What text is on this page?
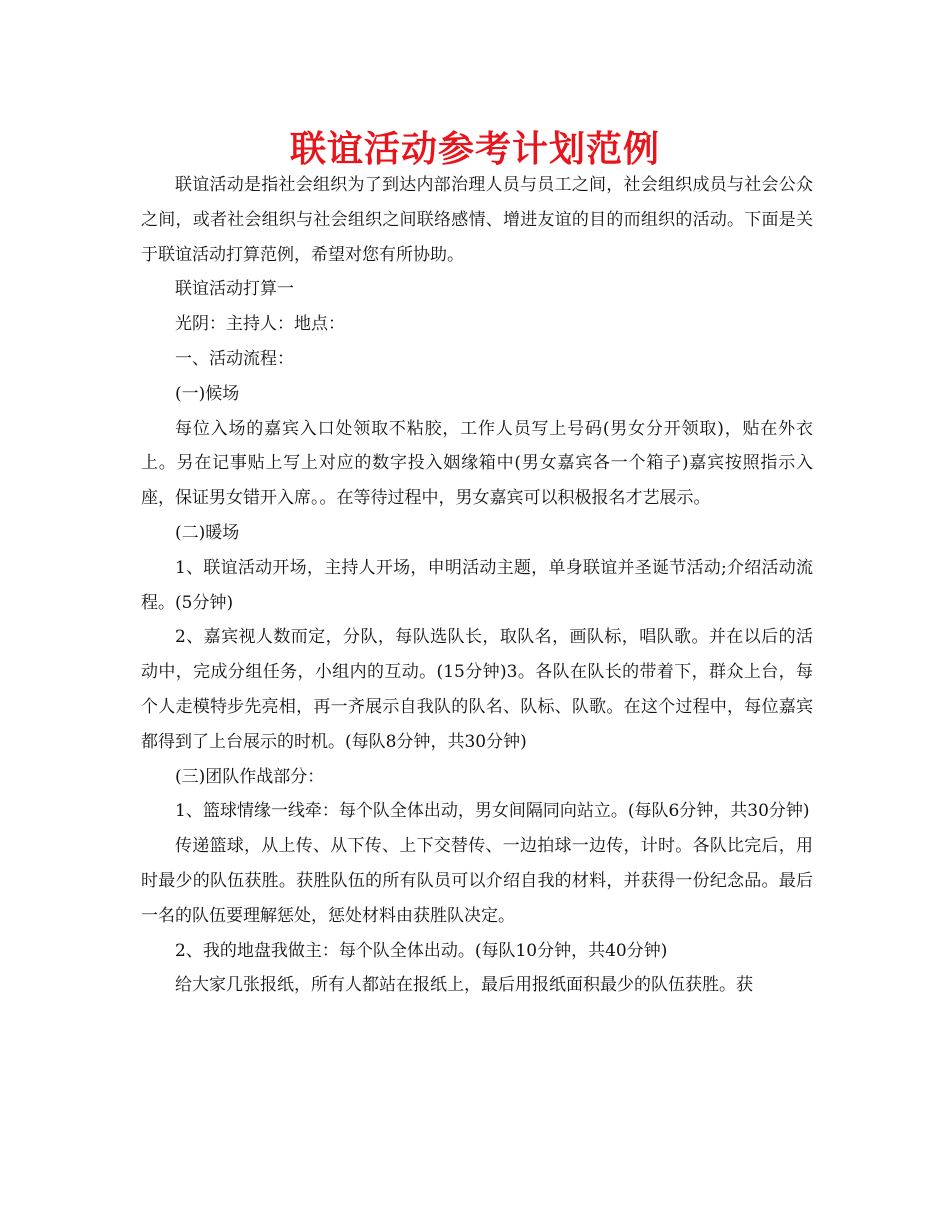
联谊活动参考计划范例

联谊活动是指社会组织为了到达内部治理人员与员工之间，社会组织成员与社会公众之间，或者社会组织与社会组织之间联络感情、增进友谊的目的而组织的活动。下面是关于联谊活动打算范例，希望对您有所协助。

联谊活动打算一

光阴：主持人：地点：

一、活动流程：

(一)候场

每位入场的嘉宾入口处领取不粘胶，工作人员写上号码(男女分开领取)，贴在外衣上。另在记事贴上写上对应的数字投入姻缘箱中(男女嘉宾各一个箱子)嘉宾按照指示入座，保证男女错开入席。。在等待过程中，男女嘉宾可以积极报名才艺展示。

(二)暖场

1、联谊活动开场，主持人开场，申明活动主题，单身联谊并圣诞节活动;介绍活动流程。(5分钟)

2、嘉宾视人数而定，分队，每队选队长，取队名，画队标，唱队歌。并在以后的活动中，完成分组任务，小组内的互动。(15分钟)3。各队在队长的带着下，群众上台，每个人走模特步先亮相，再一齐展示自我队的队名、队标、队歌。在这个过程中，每位嘉宾都得到了上台展示的时机。(每队8分钟，共30分钟)

(三)团队作战部分：

1、篮球情缘一线牵：每个队全体出动，男女间隔同向站立。(每队6分钟，共30分钟)

传递篮球，从上传、从下传、上下交替传、一边拍球一边传，计时。各队比完后，用时最少的队伍获胜。获胜队伍的所有队员可以介绍自我的材料，并获得一份纪念品。最后一名的队伍要理解惩处，惩处材料由获胜队决定。

2、我的地盘我做主：每个队全体出动。(每队10分钟，共40分钟)

给大家几张报纸，所有人都站在报纸上，最后用报纸面积最少的队伍获胜。获
